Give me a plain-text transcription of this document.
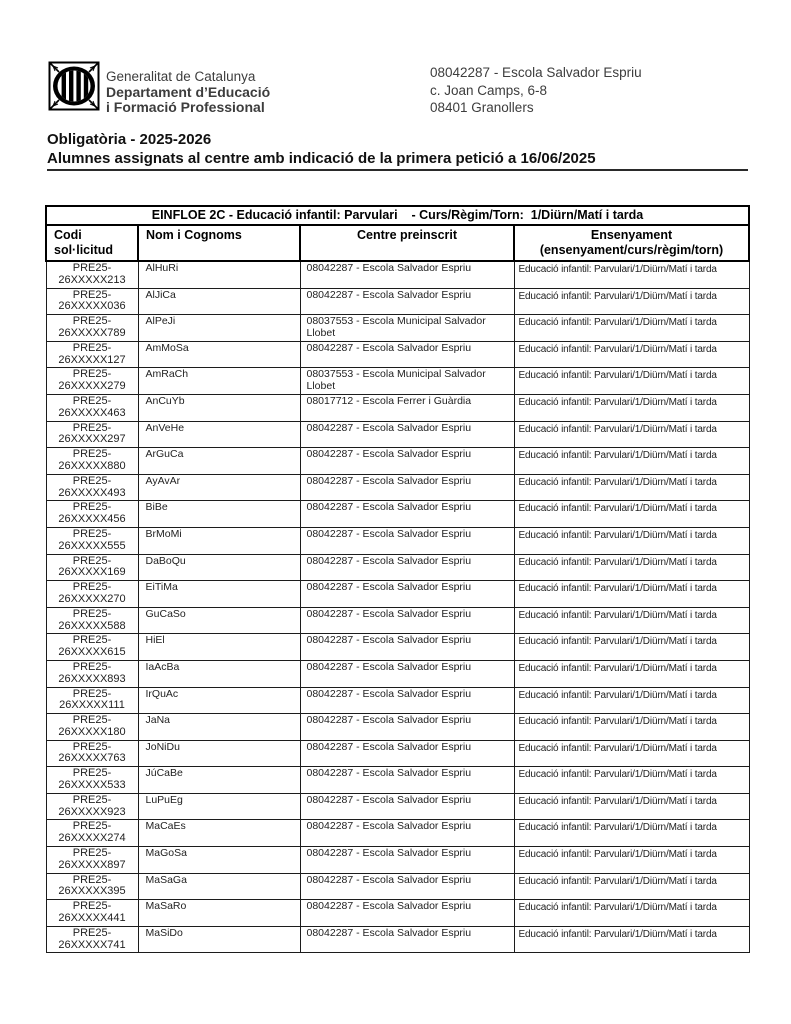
Generalitat de Catalunya
Departament d’Educació
i Formació Professional
08042287 - Escola Salvador Espriu
c. Joan Camps, 6-8
08401 Granollers
Obligatòria - 2025-2026
Alumnes assignats al centre amb indicació de la primera petició a 16/06/2025
EINFLOE 2C - Educació infantil: Parvulari    - Curs/Règim/Torn:  1/Diürn/Matí i tarda			
Codi sol·licitud	Nom i Cognoms	Centre preinscrit	Ensenyament (ensenyament/curs/règim/torn)

PRE25-
26XXXXX213	AlHuRi	08042287 - Escola Salvador Espriu	Educació infantil: Parvulari/1/Diürn/Matí i tarda

PRE25-
26XXXXX036	AlJiCa	08042287 - Escola Salvador Espriu	Educació infantil: Parvulari/1/Diürn/Matí i tarda

PRE25-
26XXXXX789	AlPeJi	08037553 - Escola Municipal Salvador Llobet	Educació infantil: Parvulari/1/Diürn/Matí i tarda

PRE25-
26XXXXX127	AmMoSa	08042287 - Escola Salvador Espriu	Educació infantil: Parvulari/1/Diürn/Matí i tarda

PRE25-
26XXXXX279	AmRaCh	08037553 - Escola Municipal Salvador Llobet	Educació infantil: Parvulari/1/Diürn/Matí i tarda

PRE25-
26XXXXX463	AnCuYb	08017712 - Escola Ferrer i Guàrdia	Educació infantil: Parvulari/1/Diürn/Matí i tarda

PRE25-
26XXXXX297	AnVeHe	08042287 - Escola Salvador Espriu	Educació infantil: Parvulari/1/Diürn/Matí i tarda

PRE25-
26XXXXX880	ArGuCa	08042287 - Escola Salvador Espriu	Educació infantil: Parvulari/1/Diürn/Matí i tarda

PRE25-
26XXXXX493	AyAvAr	08042287 - Escola Salvador Espriu	Educació infantil: Parvulari/1/Diürn/Matí i tarda

PRE25-
26XXXXX456	BiBe	08042287 - Escola Salvador Espriu	Educació infantil: Parvulari/1/Diürn/Matí i tarda

PRE25-
26XXXXX555	BrMoMi	08042287 - Escola Salvador Espriu	Educació infantil: Parvulari/1/Diürn/Matí i tarda

PRE25-
26XXXXX169	DaBoQu	08042287 - Escola Salvador Espriu	Educació infantil: Parvulari/1/Diürn/Matí i tarda

PRE25-
26XXXXX270	EiTiMa	08042287 - Escola Salvador Espriu	Educació infantil: Parvulari/1/Diürn/Matí i tarda

PRE25-
26XXXXX588	GuCaSo	08042287 - Escola Salvador Espriu	Educació infantil: Parvulari/1/Diürn/Matí i tarda

PRE25-
26XXXXX615	HiEl	08042287 - Escola Salvador Espriu	Educació infantil: Parvulari/1/Diürn/Matí i tarda

PRE25-
26XXXXX893	IaAcBa	08042287 - Escola Salvador Espriu	Educació infantil: Parvulari/1/Diürn/Matí i tarda

PRE25-
26XXXXX111	IrQuAc	08042287 - Escola Salvador Espriu	Educació infantil: Parvulari/1/Diürn/Matí i tarda

PRE25-
26XXXXX180	JaNa	08042287 - Escola Salvador Espriu	Educació infantil: Parvulari/1/Diürn/Matí i tarda

PRE25-
26XXXXX763	JoNiDu	08042287 - Escola Salvador Espriu	Educació infantil: Parvulari/1/Diürn/Matí i tarda

PRE25-
26XXXXX533	JúCaBe	08042287 - Escola Salvador Espriu	Educació infantil: Parvulari/1/Diürn/Matí i tarda

PRE25-
26XXXXX923	LuPuEg	08042287 - Escola Salvador Espriu	Educació infantil: Parvulari/1/Diürn/Matí i tarda

PRE25-
26XXXXX274	MaCaEs	08042287 - Escola Salvador Espriu	Educació infantil: Parvulari/1/Diürn/Matí i tarda

PRE25-
26XXXXX897	MaGoSa	08042287 - Escola Salvador Espriu	Educació infantil: Parvulari/1/Diürn/Matí i tarda

PRE25-
26XXXXX395	MaSaGa	08042287 - Escola Salvador Espriu	Educació infantil: Parvulari/1/Diürn/Matí i tarda

PRE25-
26XXXXX441	MaSaRo	08042287 - Escola Salvador Espriu	Educació infantil: Parvulari/1/Diürn/Matí i tarda

PRE25-
26XXXXX741	MaSiDo	08042287 - Escola Salvador Espriu	Educació infantil: Parvulari/1/Diürn/Matí i tarda
